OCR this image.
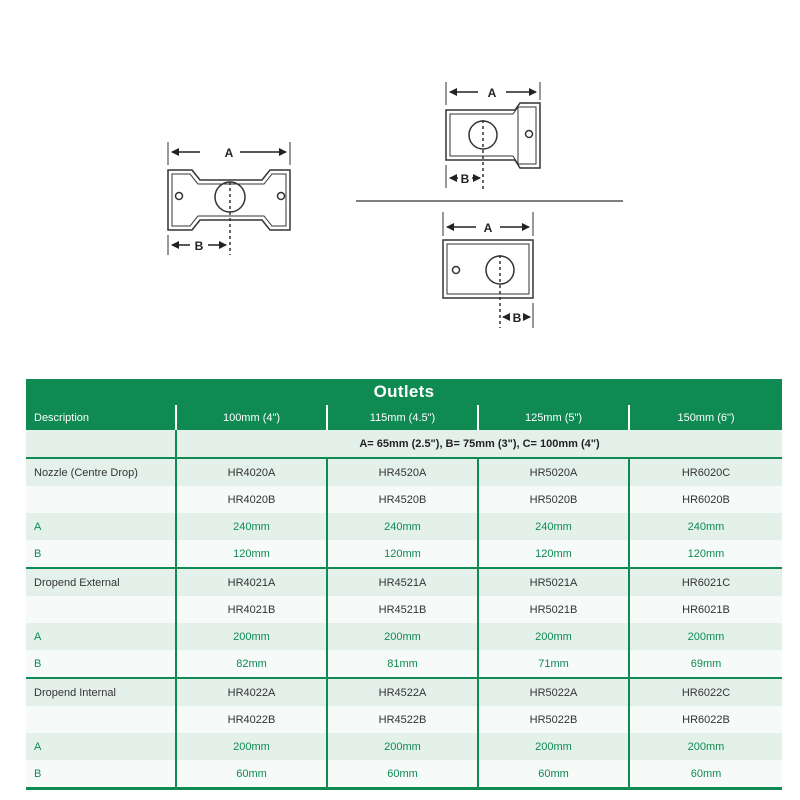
A
B
A
B
A
B
Outlets
Description	100mm (4")	115mm (4.5")	125mm (5")	150mm (6")
	A= 65mm (2.5"), B= 75mm (3"), C= 100mm (4")			
Nozzle (Centre Drop)	HR4020A	HR4520A	HR5020A	HR6020C
	HR4020B	HR4520B	HR5020B	HR6020B
A	240mm	240mm	240mm	240mm
B	120mm	120mm	120mm	120mm
Dropend External	HR4021A	HR4521A	HR5021A	HR6021C
	HR4021B	HR4521B	HR5021B	HR6021B
A	200mm	200mm	200mm	200mm
B	82mm	81mm	71mm	69mm
Dropend Internal	HR4022A	HR4522A	HR5022A	HR6022C
	HR4022B	HR4522B	HR5022B	HR6022B
A	200mm	200mm	200mm	200mm
B	60mm	60mm	60mm	60mm
